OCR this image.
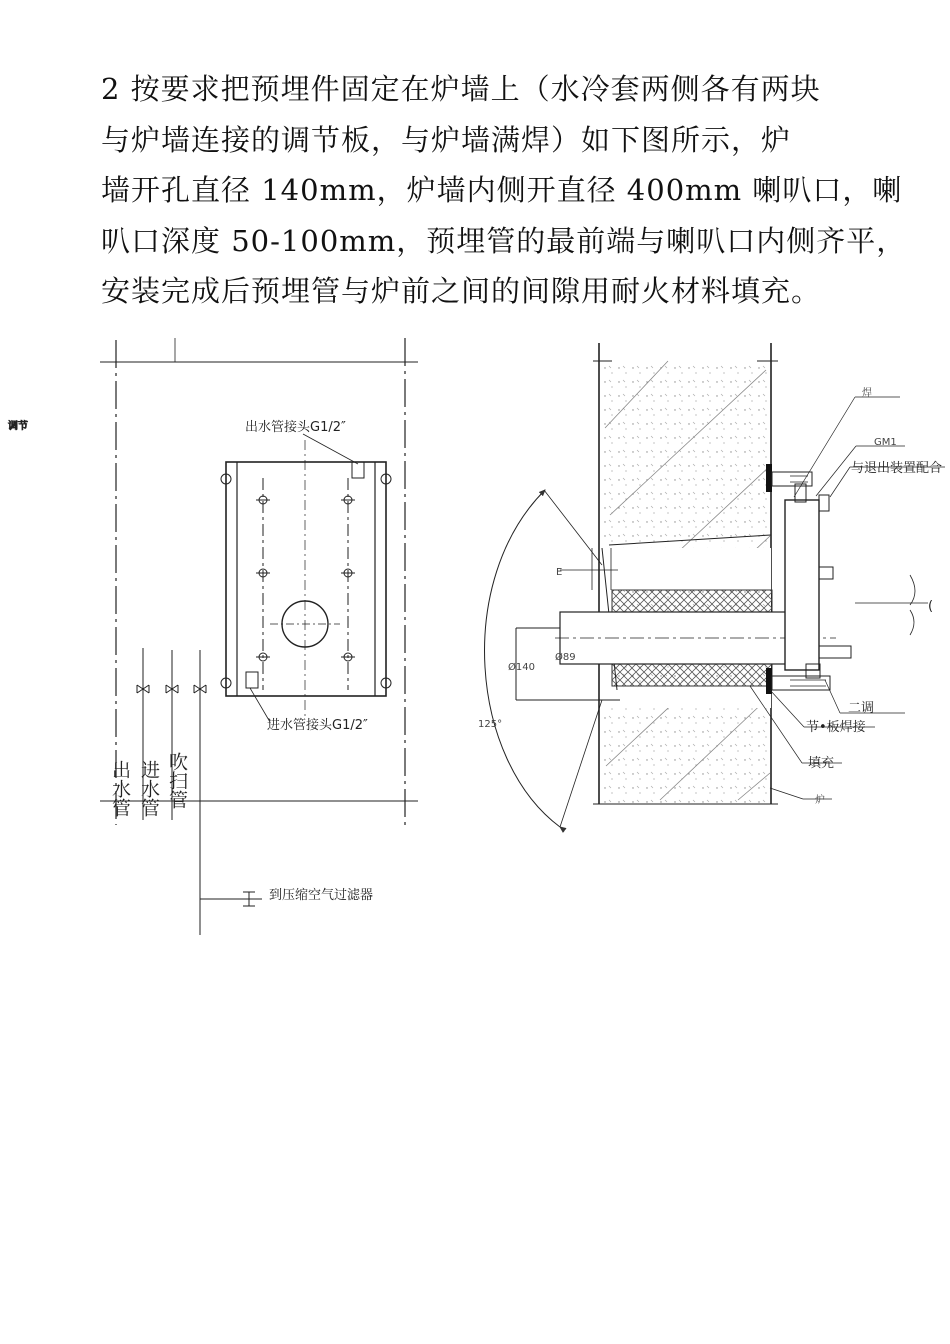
2 按要求把预埋件固定在炉墙上（水冷套两侧各有两块
与炉墙连接的调节板，与炉墙满焊）如下图所示，炉
墙开孔直径 140mm，炉墙内侧开直径 400mm 喇叭口，喇
叭口深度 50-100mm，预埋管的最前端与喇叭口内侧齐平，
安装完成后预埋管与炉前之间的间隙用耐火材料填充。
调节	出水管接头G1/2″
进水管接头G1/2″
到压缩空气过滤器
出水管 进水管 吹扫管
焊
GM1
与退出装置配合
二调
节•板焊接
填充
炉
Ø140
Ø89
125°
E
(
